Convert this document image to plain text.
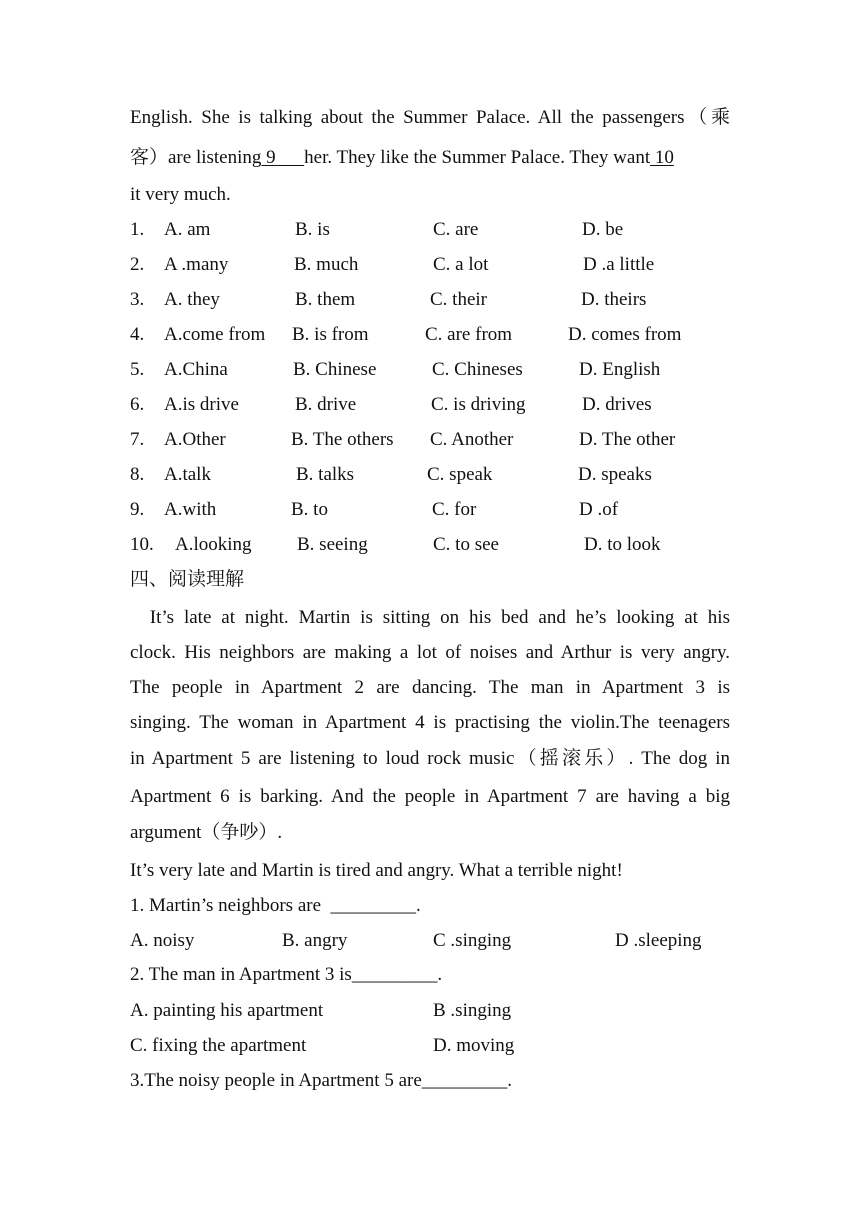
English. She is talking about the Summer Palace. All the passengers（乘
客）are listening 9      her. They like the Summer Palace. They want 10
it very much.
1. A. am	B. is	C. are	D. be
2. A .many	B. much	C. a lot	D .a little
3. A. they	B. them	C. their	D. theirs
4. A.come from B. is from	C. are from	D. comes from
5. A.China	B. Chinese	C. Chineses	D. English
6. A.is drive	B. drive	C. is driving	D. drives
7. A.Other	B. The others C. Another	D. The other
8. A.talk	B. talks	C. speak	D. speaks
9. A.with	B. to	C. for	D .of
10. A.looking B. seeing	C. to see	D. to look
四、阅读理解
It’s late at night. Martin is sitting on his bed and he’s looking at his
clock. His neighbors are making a lot of noises and Arthur is very angry.
The people in Apartment 2 are dancing. The man in Apartment 3 is
singing. The woman in Apartment 4 is practising the violin.The teenagers
in Apartment 5 are listening to loud rock music（摇滚乐）. The dog in
Apartment 6 is barking. And the people in Apartment 7 are having a big
argument（争吵）.
It’s very late and Martin is tired and angry. What a terrible night!
1. Martin’s neighbors are  _________.
A. noisy	B. angry	C .singing	D .sleeping
2. The man in Apartment 3 is_________.
A. painting his apartment	B .singing
C. fixing the apartment	D. moving
3.The noisy people in Apartment 5 are_________.
